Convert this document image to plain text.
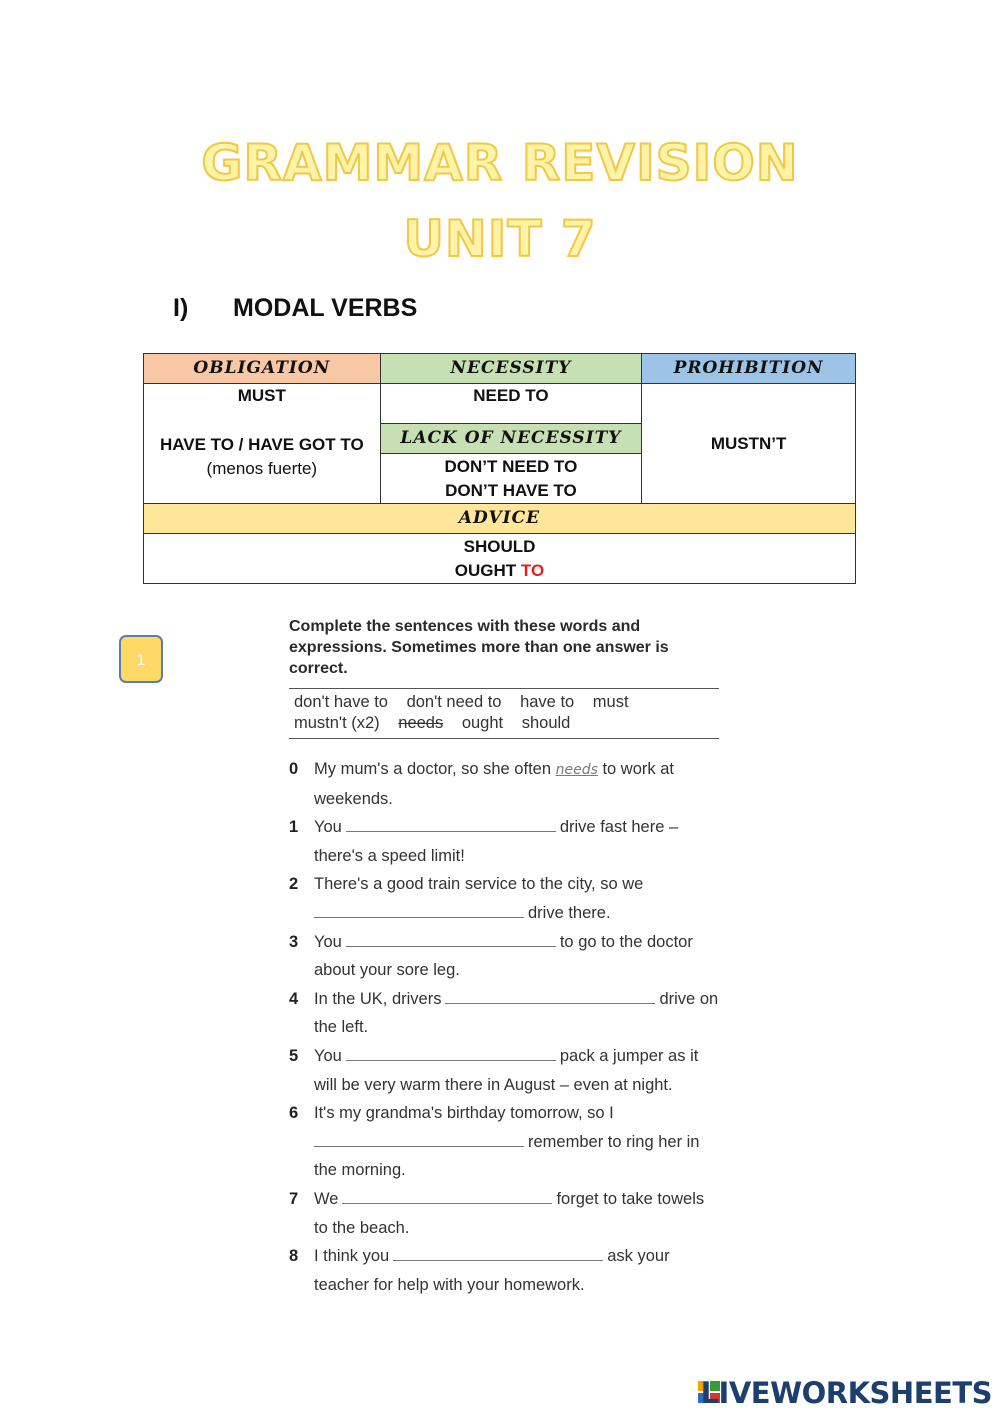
GRAMMAR REVISION
UNIT 7
I) MODAL VERBS
OBLIGATION	NECESSITY	PROHIBITION

MUST
HAVE TO / HAVE GOT TO
(menos fuerte)	NEED TO	MUSTN’T

	LACK OF NECESSITY	

	DON’T NEED TO
DON’T HAVE TO	

ADVICE		

SHOULD
OUGHT TO		
1
Complete the sentences with these words and expressions. Sometimes more than one answer is correct.
don't have to don't need to have to must
mustn't (x2) needs ought should
0 My mum's a doctor, so she often needs to work at weekends.
1 You	drive fast here – there's a speed limit!
2 There's a good train service to the city, so we
drive there.
3 You	to go to the doctor about your sore leg.
4 In the UK, drivers	drive on the left.
5 You	pack a jumper as it will be very warm there in August – even at night.
6 It's my grandma's birthday tomorrow, so I
remember to ring her in the morning.
7 We	forget to take towels to the beach.
8 I think you	ask your teacher for help with your homework.
LIVEWORKSHEETS
